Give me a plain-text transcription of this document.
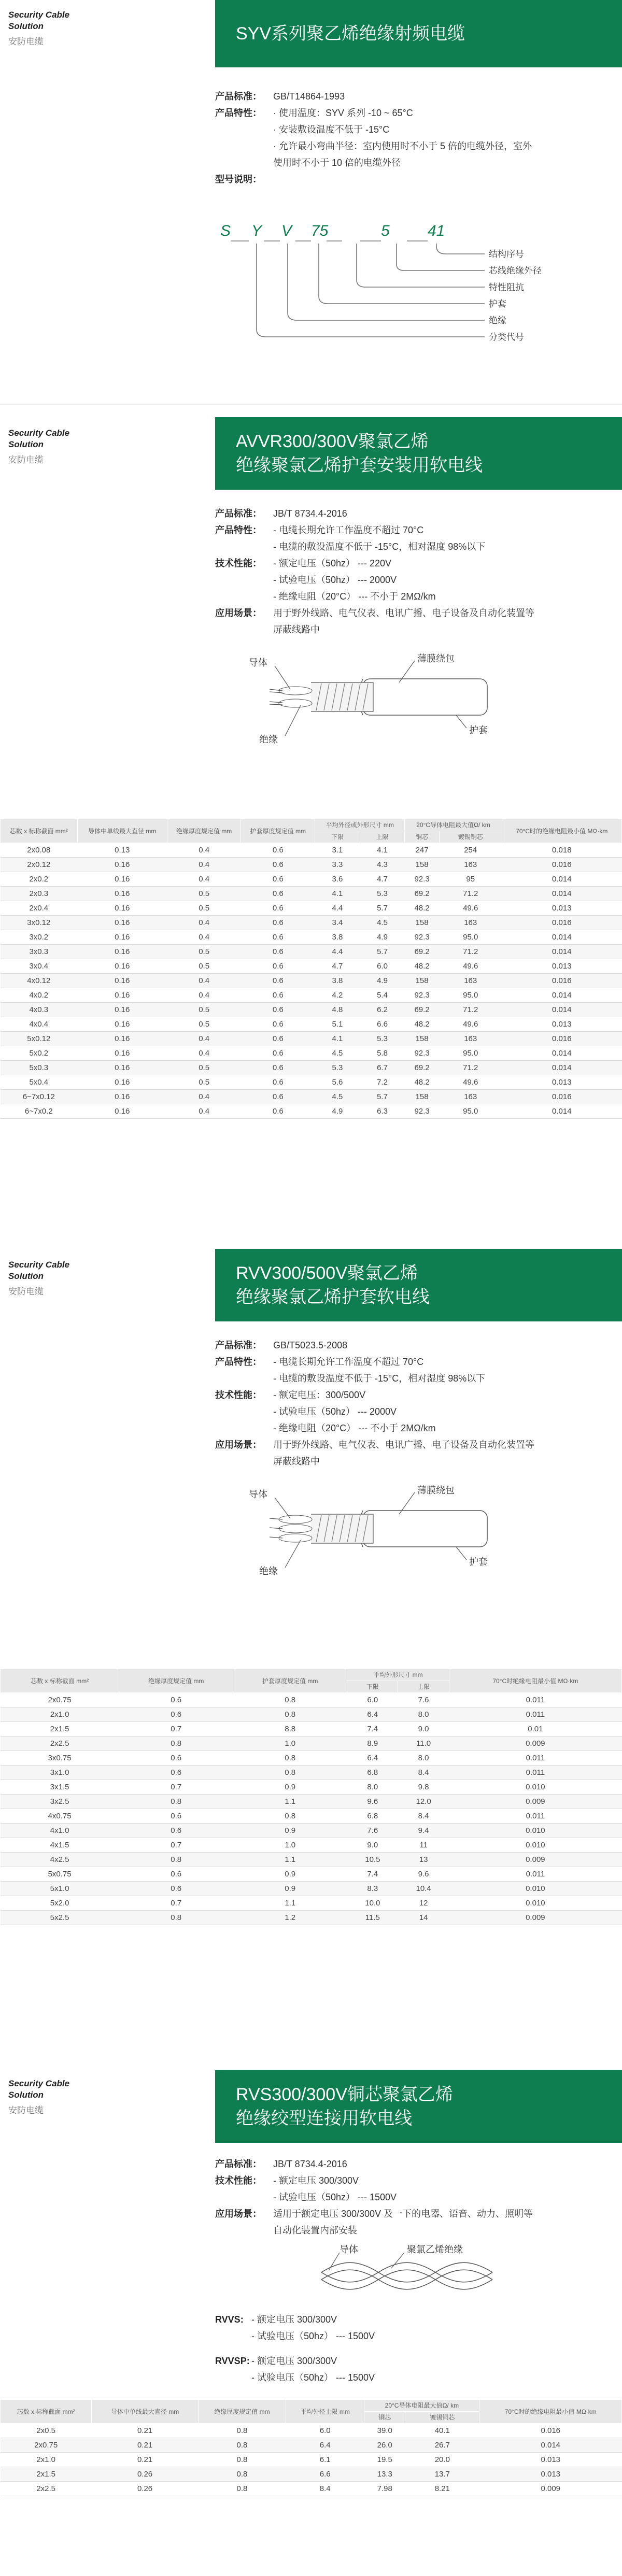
Security Cable
Solution
安防电缆	SYV系列聚乙烯绝缘射频电缆
产品标准：	GB/T14864-1993
产品特性：	· 使用温度：SYV 系列 -10 ~ 65°C
· 安装敷设温度不低于 -15°C
· 允许最小弯曲半径：室内使用时不小于 5 倍的电缆外径，室外
使用时不小于 10 倍的电缆外径
型号说明：
S Y V 75	5 41
结构序号
芯线绝缘外径
特性阻抗
护套
绝缘
分类代号
Security Cable
Solution
安防电缆
AVVR300/300V聚氯乙烯
绝缘聚氯乙烯护套安装用软电线
产品标准：	JB/T 8734.4-2016
产品特性：	- 电缆长期允许工作温度不超过 70°C
- 电缆的敷设温度不低于 -15°C，相对湿度 98%以下
技术性能：	- 额定电压（50hz） --- 220V
- 试验电压（50hz） --- 2000V
- 绝缘电阻（20°C） --- 不小于 2MΩ/km
应用场景：	用于野外线路、电气仪表、电讯广播、电子设备及自动化装置等
屏蔽线路中
导体	薄膜绕包
绝缘
护套
芯数 x 标称截面 mm²	导体中单线最大直径 mm	绝缘厚度规定值 mm	护套厚度规定值 mm	平均外径或外形尺寸 mm		20°C导体电阻最大值Ω/ km		70°C时的绝缘电阻最小值 MΩ·km
				下限	上限	铜芯	镀锡铜芯	
2x0.08	0.13	0.4	0.6	3.1	4.1	247	254	0.018
2x0.12	0.16	0.4	0.6	3.3	4.3	158	163	0.016
2x0.2	0.16	0.4	0.6	3.6	4.7	92.3	95	0.014
2x0.3	0.16	0.5	0.6	4.1	5.3	69.2	71.2	0.014
2x0.4	0.16	0.5	0.6	4.4	5.7	48.2	49.6	0.013
3x0.12	0.16	0.4	0.6	3.4	4.5	158	163	0.016
3x0.2	0.16	0.4	0.6	3.8	4.9	92.3	95.0	0.014
3x0.3	0.16	0.5	0.6	4.4	5.7	69.2	71.2	0.014
3x0.4	0.16	0.5	0.6	4.7	6.0	48.2	49.6	0.013
4x0.12	0.16	0.4	0.6	3.8	4.9	158	163	0.016
4x0.2	0.16	0.4	0.6	4.2	5.4	92.3	95.0	0.014
4x0.3	0.16	0.5	0.6	4.8	6.2	69.2	71.2	0.014
4x0.4	0.16	0.5	0.6	5.1	6.6	48.2	49.6	0.013
5x0.12	0.16	0.4	0.6	4.1	5.3	158	163	0.016
5x0.2	0.16	0.4	0.6	4.5	5.8	92.3	95.0	0.014
5x0.3	0.16	0.5	0.6	5.3	6.7	69.2	71.2	0.014
5x0.4	0.16	0.5	0.6	5.6	7.2	48.2	49.6	0.013
6~7x0.12	0.16	0.4	0.6	4.5	5.7	158	163	0.016
6~7x0.2	0.16	0.4	0.6	4.9	6.3	92.3	95.0	0.014
Security Cable
Solution
安防电缆
RVV300/500V聚氯乙烯
绝缘聚氯乙烯护套软电线
产品标准：	GB/T5023.5-2008
产品特性：	- 电缆长期允许工作温度不超过 70°C
- 电缆的敷设温度不低于 -15°C，相对湿度 98%以下
技术性能：	- 额定电压：300/500V
- 试验电压（50hz） --- 2000V
- 绝缘电阻（20°C） --- 不小于 2MΩ/km
应用场景：	用于野外线路、电气仪表、电讯广播、电子设备及自动化装置等
屏蔽线路中
导体	薄膜绕包
绝缘
护套
芯数 x 标称截面 mm²	绝缘厚度规定值 mm	护套厚度规定值 mm	平均外形尺寸 mm		70°C时绝缘电阻最小值 MΩ·km
			下限	上限	
2x0.75	0.6	0.8	6.0	7.6	0.011
2x1.0	0.6	0.8	6.4	8.0	0.011
2x1.5	0.7	8.8	7.4	9.0	0.01
2x2.5	0.8	1.0	8.9	11.0	0.009
3x0.75	0.6	0.8	6.4	8.0	0.011
3x1.0	0.6	0.8	6.8	8.4	0.011
3x1.5	0.7	0.9	8.0	9.8	0.010
3x2.5	0.8	1.1	9.6	12.0	0.009
4x0.75	0.6	0.8	6.8	8.4	0.011
4x1.0	0.6	0.9	7.6	9.4	0.010
4x1.5	0.7	1.0	9.0	11	0.010
4x2.5	0.8	1.1	10.5	13	0.009
5x0.75	0.6	0.9	7.4	9.6	0.011
5x1.0	0.6	0.9	8.3	10.4	0.010
5x2.0	0.7	1.1	10.0	12	0.010
5x2.5	0.8	1.2	11.5	14	0.009
Security Cable
Solution
安防电缆
RVS300/300V铜芯聚氯乙烯
绝缘绞型连接用软电线
产品标准：	JB/T 8734.4-2016
技术性能：	- 额定电压 300/300V
- 试验电压（50hz） --- 1500V
应用场景：	适用于额定电压 300/300V 及一下的电器、语音、动力、照明等
自动化装置内部安装
导体	聚氯乙烯绝缘
RVVS: - 额定电压 300/300V
- 试验电压（50hz） --- 1500V
RVVSP: - 额定电压 300/300V
- 试验电压（50hz） --- 1500V
芯数 x 标称截面 mm²	导体中单线最大直径 mm	绝缘厚度规定值 mm	平均外径上限 mm	20°C导体电阻最大值Ω/ km		70°C时的绝缘电阻最小值 MΩ·km
				铜芯	镀锡铜芯	
2x0.5	0.21	0.8	6.0	39.0	40.1	0.016
2x0.75	0.21	0.8	6.4	26.0	26.7	0.014
2x1.0	0.21	0.8	6.1	19.5	20.0	0.013
2x1.5	0.26	0.8	6.6	13.3	13.7	0.013
2x2.5	0.26	0.8	8.4	7.98	8.21	0.009
